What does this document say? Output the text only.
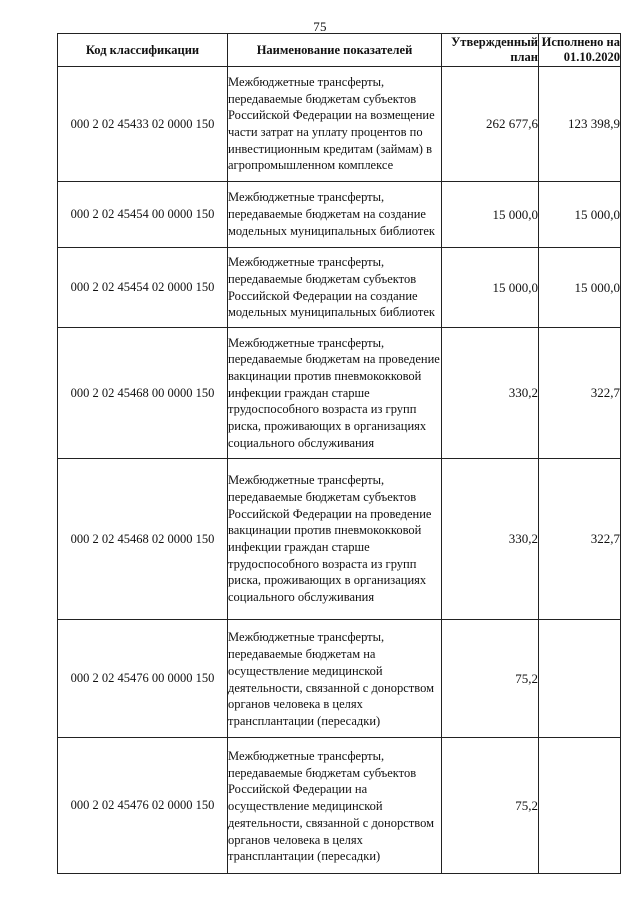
75
Код классификации	Наименование показателей	Утвержденный план	Исполнено на 01.10.2020
000 2 02 45433 02 0000 150	Межбюджетные трансферты, передаваемые бюджетам субъектов Российской Федерации на возмещение части затрат на уплату процентов по инвестиционным кредитам (займам) в агропромышленном комплексе	262 677,6	123 398,9
000 2 02 45454 00 0000 150	Межбюджетные трансферты, передаваемые бюджетам на создание модельных муниципальных библиотек	15 000,0	15 000,0
000 2 02 45454 02 0000 150	Межбюджетные трансферты, передаваемые бюджетам субъектов Российской Федерации на создание модельных муниципальных библиотек	15 000,0	15 000,0
000 2 02 45468 00 0000 150	Межбюджетные трансферты, передаваемые бюджетам на проведение вакцинации против пневмококковой инфекции граждан старше трудоспособного возраста из групп риска, проживающих в организациях социального обслуживания	330,2	322,7
000 2 02 45468 02 0000 150	Межбюджетные трансферты, передаваемые бюджетам субъектов Российской Федерации на проведение вакцинации против пневмококковой инфекции граждан старше трудоспособного возраста из групп риска, проживающих в организациях социального обслуживания	330,2	322,7
000 2 02 45476 00 0000 150	Межбюджетные трансферты, передаваемые бюджетам на осуществление медицинской деятельности, связанной с донорством органов человека в целях трансплантации (пересадки)	75,2	
000 2 02 45476 02 0000 150	Межбюджетные трансферты, передаваемые бюджетам субъектов Российской Федерации на осуществление медицинской деятельности, связанной с донорством органов человека в целях трансплантации (пересадки)	75,2	
